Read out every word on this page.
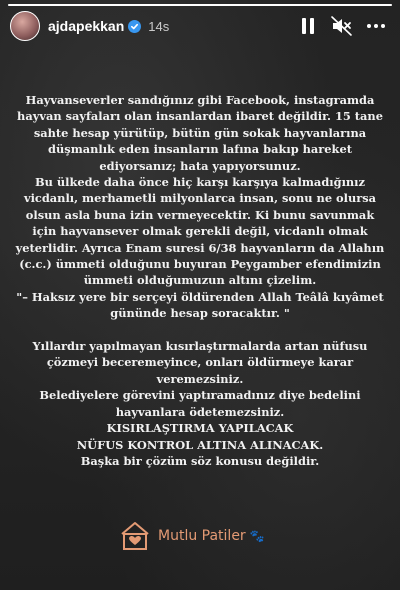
ajdapekkan 14s

Hayvanseverler sandığınız gibi Facebook, instagramda hayvan sayfaları olan insanlardan ibaret değildir. 15 tane sahte hesap yürütüp, bütün gün sokak hayvanlarına düşmanlık eden insanların lafına bakıp hareket ediyorsanız; hata yapıyorsunuz.

Bu ülkede daha önce hiç karşı karşıya kalmadığınız vicdanlı, merhametli milyonlarca insan, sonu ne olursa olsun asla buna izin vermeyecektir. Ki bunu savunmak için hayvansever olmak gerekli değil, vicdanlı olmak yeterlidir. Ayrıca Enam suresi 6/38 hayvanların da Allahın (c.c.) ümmeti olduğunu buyuran Peygamber efendimizin ümmeti olduğumuzun altını çizelim.

"– Haksız yere bir serçeyi öldürenden Allah Teâlâ kıyâmet gününde hesap soracaktır. "

Yıllardır yapılmayan kısırlaştırmalarda artan nüfusu çözmeyi beceremeyince, onları öldürmeye karar veremezsiniz.

Belediyelere görevini yaptıramadınız diye bedelini hayvanlara ödetemezsiniz.

KISIRLAŞTIRMA YAPILACAK

NÜFUS KONTROL ALTINA ALINACAK.

Başka bir çözüm söz konusu değildir.

Mutlu Patiler 🐾
